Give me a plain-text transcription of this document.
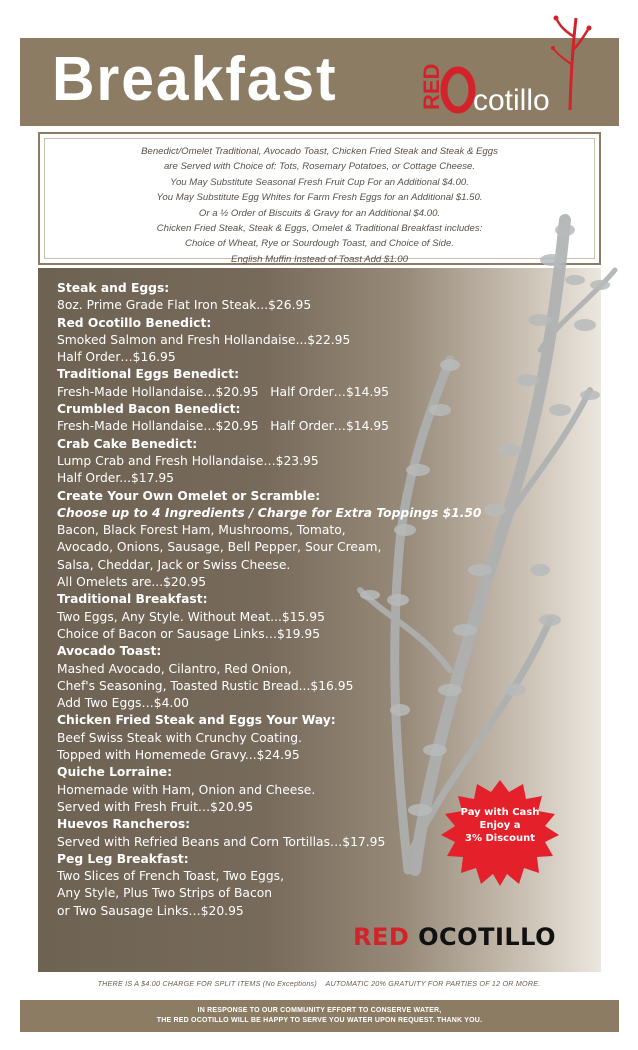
Breakfast	RED cotillo
Benedict/Omelet Traditional, Avocado Toast, Chicken Fried Steak and Steak & Eggs
are Served with Choice of: Tots, Rosemary Potatoes, or Cottage Cheese.
You May Substitute Seasonal Fresh Fruit Cup For an Additional $4.00.
You May Substitute Egg Whites for Farm Fresh Eggs for an Additional $1.50.
Or a ½ Order of Biscuits & Gravy for an Additional $4.00.
Chicken Fried Steak, Steak & Eggs, Omelet & Traditional Breakfast includes:
Choice of Wheat, Rye or Sourdough Toast, and Choice of Side.
English Muffin Instead of Toast Add $1.00
Steak and Eggs:
8oz. Prime Grade Flat Iron Steak...$26.95
Red Ocotillo Benedict:
Smoked Salmon and Fresh Hollandaise...$22.95
Half Order…$16.95
Traditional Eggs Benedict:
Fresh-Made Hollandaise…$20.95   Half Order…$14.95
Crumbled Bacon Benedict:
Fresh-Made Hollandaise…$20.95   Half Order…$14.95
Crab Cake Benedict:
Lump Crab and Fresh Hollandaise…$23.95
Half Order...$17.95
Create Your Own Omelet or Scramble:
Choose up to 4 Ingredients / Charge for Extra Toppings $1.50
Bacon, Black Forest Ham, Mushrooms, Tomato,
Avocado, Onions, Sausage, Bell Pepper, Sour Cream,
Salsa, Cheddar, Jack or Swiss Cheese.
All Omelets are...$20.95
Traditional Breakfast:
Two Eggs, Any Style. Without Meat...$15.95
Choice of Bacon or Sausage Links…$19.95
Avocado Toast:
Mashed Avocado, Cilantro, Red Onion,
Chef's Seasoning, Toasted Rustic Bread...$16.95
Add Two Eggs…$4.00
Chicken Fried Steak and Eggs Your Way:
Beef Swiss Steak with Crunchy Coating.
Topped with Homemede Gravy...$24.95
Quiche Lorraine:
Homemade with Ham, Onion and Cheese.
Served with Fresh Fruit…$20.95
Huevos Rancheros:
Served with Refried Beans and Corn Tortillas…$17.95
Peg Leg Breakfast:
Two Slices of French Toast, Two Eggs,
Any Style, Plus Two Strips of Bacon
or Two Sausage Links…$20.95
Pay with Cash
Enjoy a
3% Discount
RED OCOTILLO
THERE IS A $4.00 CHARGE FOR SPLIT ITEMS (No Exceptions)    AUTOMATIC 20% GRATUITY FOR PARTIES OF 12 OR MORE.
IN RESPONSE TO OUR COMMUNITY EFFORT TO CONSERVE WATER,
THE RED OCOTILLO WILL BE HAPPY TO SERVE YOU WATER UPON REQUEST. THANK YOU.
